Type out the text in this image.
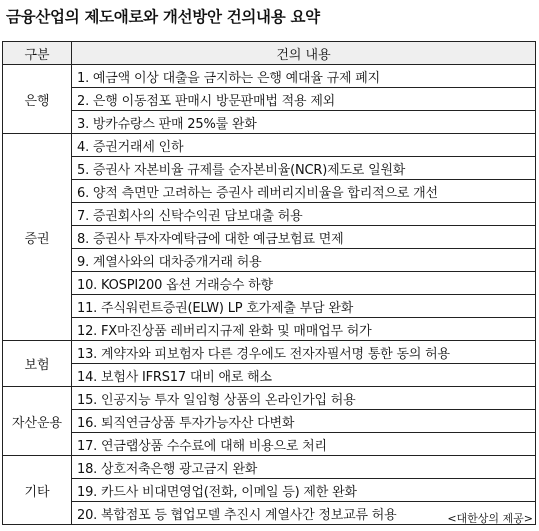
금융산업의 제도애로와 개선방안 건의내용 요약
구분	건의 내용
은행	1. 예금액 이상 대출을 금지하는 은행 예대율 규제 폐지
	2. 은행 이동점포 판매시 방문판매법 적용 제외
	3. 방카슈랑스 판매 25%룰 완화
증권	4. 증권거래세 인하
	5. 증권사 자본비율 규제를 순자본비율(NCR)제도로 일원화
	6. 양적 측면만 고려하는 증권사 레버리지비율을 합리적으로 개선
	7. 증권회사의 신탁수익권 담보대출 허용
	8. 증권사 투자자예탁금에 대한 예금보험료 면제
	9. 계열사와의 대차중개거래 허용
	10. KOSPI200 옵션 거래승수 하향
	11. 주식워런트증권(ELW) LP 호가제출 부담 완화
	12. FX마진상품 레버리지규제 완화 및 매매업무 허가
보험	13. 계약자와 피보험자 다른 경우에도 전자자필서명 통한 동의 허용
	14. 보험사 IFRS17 대비 애로 해소
자산운용	15. 인공지능 투자 일임형 상품의 온라인가입 허용
	16. 퇴직연금상품 투자가능자산 다변화
	17. 연금랩상품 수수료에 대해 비용으로 처리
기타	18. 상호저축은행 광고금지 완화
	19. 카드사 비대면영업(전화, 이메일 등) 제한 완화
	20. 복합점포 등 협업모델 추진시 계열사간 정보교류 허용	<대한상의 제공>
